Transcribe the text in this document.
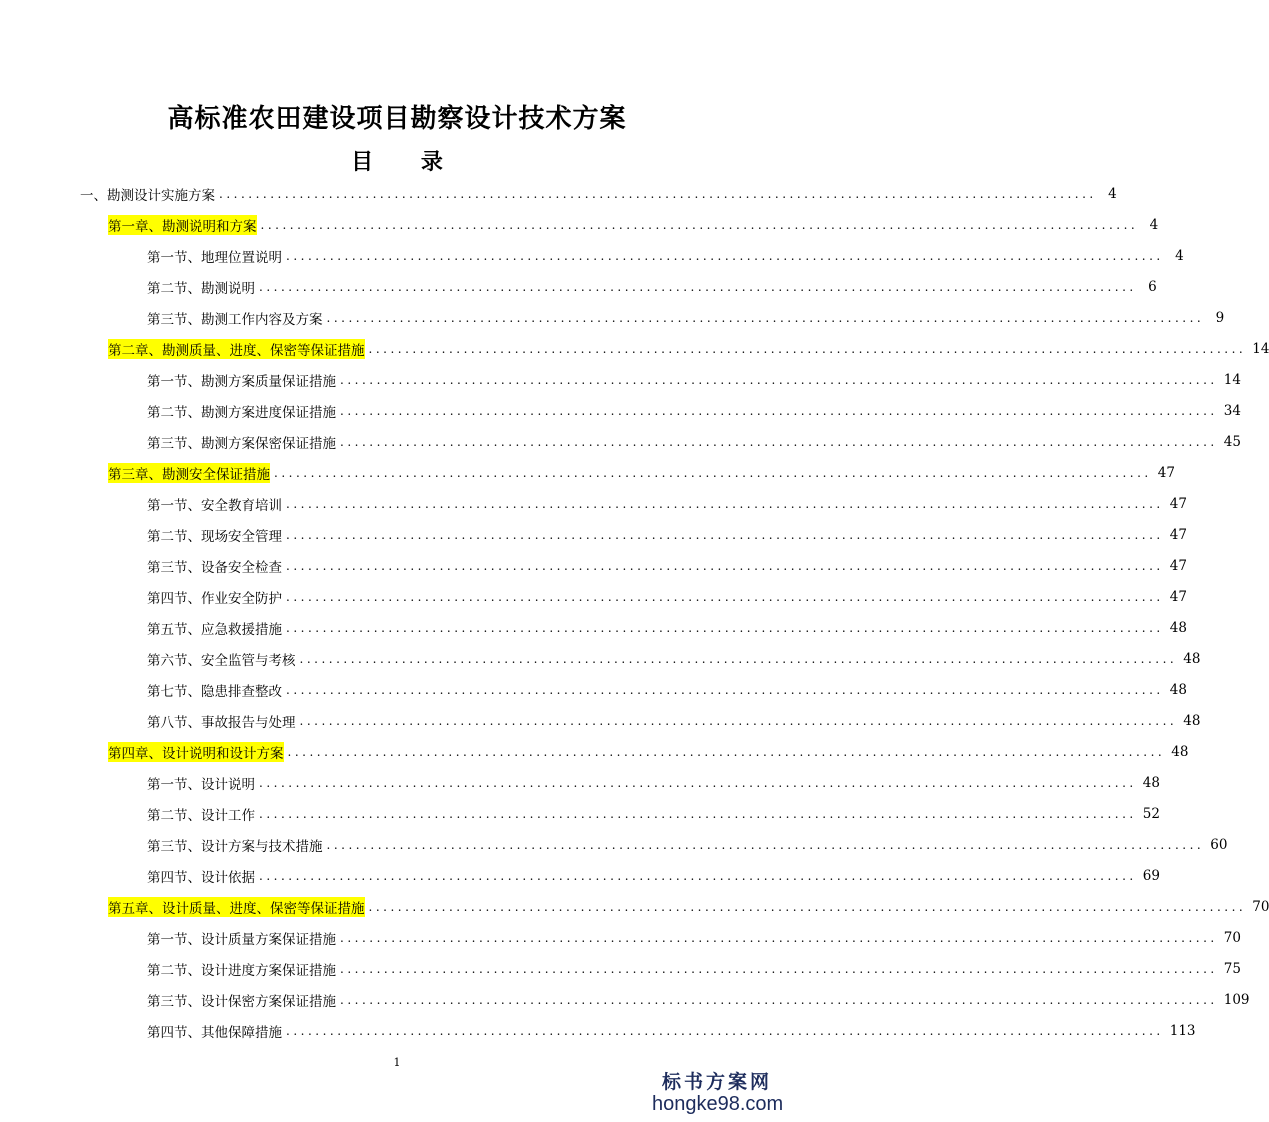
高标准农田建设项目勘察设计技术方案
目 录
一、勘测设计实施方案 ........................................................................................................................ 4
第一章、勘测说明和方案 ........................................................................................................................ 4
第一节、地理位置说明 ........................................................................................................................ 4
第二节、勘测说明 ........................................................................................................................ 6
第三节、勘测工作内容及方案 ........................................................................................................................ 9
第二章、勘测质量、进度、保密等保证措施 ........................................................................................................................ 14
第一节、勘测方案质量保证措施 ........................................................................................................................ 14
第二节、勘测方案进度保证措施 ........................................................................................................................ 34
第三节、勘测方案保密保证措施 ........................................................................................................................ 45
第三章、勘测安全保证措施 ........................................................................................................................ 47
第一节、安全教育培训 ........................................................................................................................ 47
第二节、现场安全管理 ........................................................................................................................ 47
第三节、设备安全检查 ........................................................................................................................ 47
第四节、作业安全防护 ........................................................................................................................ 47
第五节、应急救援措施 ........................................................................................................................ 48
第六节、安全监管与考核 ........................................................................................................................ 48
第七节、隐患排查整改 ........................................................................................................................ 48
第八节、事故报告与处理 ........................................................................................................................ 48
第四章、设计说明和设计方案 ........................................................................................................................ 48
第一节、设计说明 ........................................................................................................................ 48
第二节、设计工作 ........................................................................................................................ 52
第三节、设计方案与技术措施 ........................................................................................................................ 60
第四节、设计依据 ........................................................................................................................ 69
第五章、设计质量、进度、保密等保证措施 ........................................................................................................................ 70
第一节、设计质量方案保证措施 ........................................................................................................................ 70
第二节、设计进度方案保证措施 ........................................................................................................................ 75
第三节、设计保密方案保证措施 ........................................................................................................................ 109
第四节、其他保障措施 ........................................................................................................................ 113
1
标书方案网
hongke98.com
